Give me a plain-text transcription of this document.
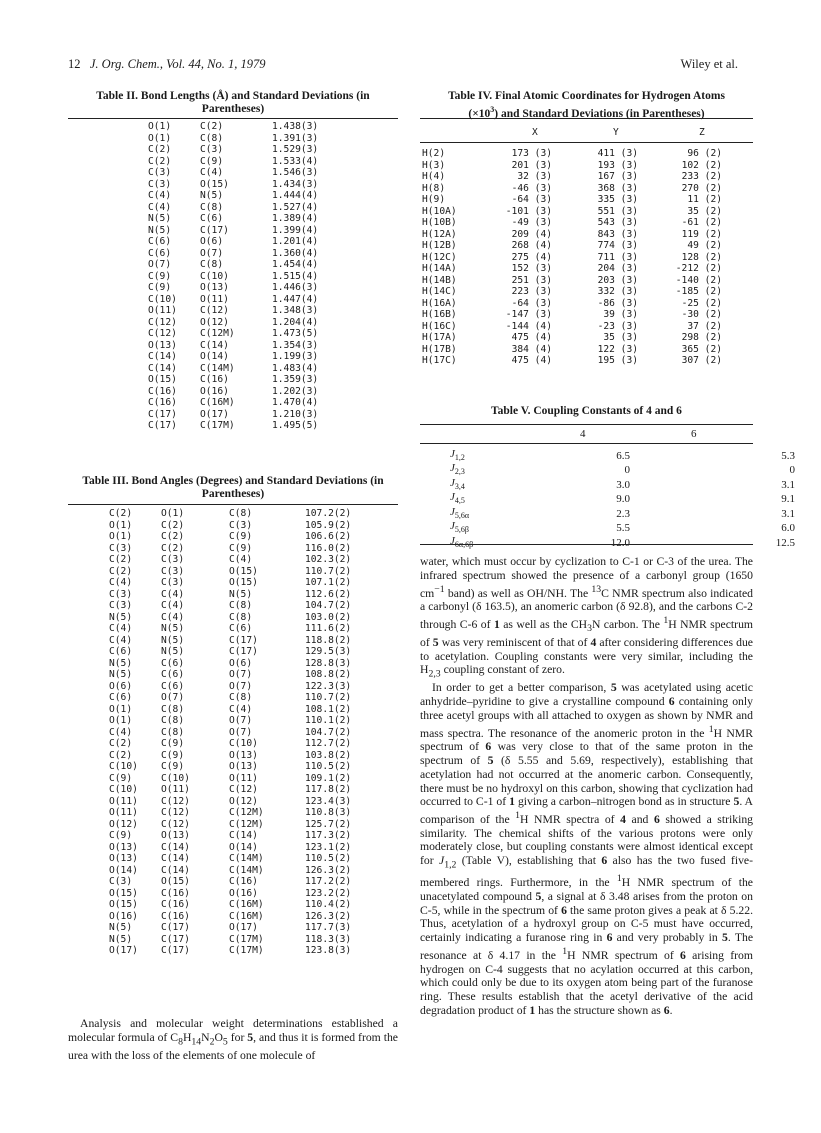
12 J. Org. Chem., Vol. 44, No. 1, 1979	Wiley et al.
Table II. Bond Lengths (Å) and Standard Deviations (in Parentheses)
O(1)	C(2)	1.438(3)
O(1)	C(8)	1.391(3)
C(2)	C(3)	1.529(3)
C(2)	C(9)	1.533(4)
C(3)	C(4)	1.546(3)
C(3)	O(15)	1.434(3)
C(4)	N(5)	1.444(4)
C(4)	C(8)	1.527(4)
N(5)	C(6)	1.389(4)
N(5)	C(17)	1.399(4)
C(6)	O(6)	1.201(4)
C(6)	O(7)	1.360(4)
O(7)	C(8)	1.454(4)
C(9)	C(10)	1.515(4)
C(9)	O(13)	1.446(3)
C(10)	O(11)	1.447(4)
O(11)	C(12)	1.348(3)
C(12)	O(12)	1.204(4)
C(12)	C(12M)	1.473(5)
O(13)	C(14)	1.354(3)
C(14)	O(14)	1.199(3)
C(14)	C(14M)	1.483(4)
O(15)	C(16)	1.359(3)
C(16)	O(16)	1.202(3)
C(16)	C(16M)	1.470(4)
C(17)	O(17)	1.210(3)
C(17)	C(17M)	1.495(5)
Table III. Bond Angles (Degrees) and Standard Deviations (in Parentheses)
C(2)	O(1)	C(8)	107.2(2)
O(1)	C(2)	C(3)	105.9(2)
O(1)	C(2)	C(9)	106.6(2)
C(3)	C(2)	C(9)	116.0(2)
C(2)	C(3)	C(4)	102.3(2)
C(2)	C(3)	O(15)	110.7(2)
C(4)	C(3)	O(15)	107.1(2)
C(3)	C(4)	N(5)	112.6(2)
C(3)	C(4)	C(8)	104.7(2)
N(5)	C(4)	C(8)	103.0(2)
C(4)	N(5)	C(6)	111.6(2)
C(4)	N(5)	C(17)	118.8(2)
C(6)	N(5)	C(17)	129.5(3)
N(5)	C(6)	O(6)	128.8(3)
N(5)	C(6)	O(7)	108.8(2)
O(6)	C(6)	O(7)	122.3(3)
C(6)	O(7)	C(8)	110.7(2)
O(1)	C(8)	C(4)	108.1(2)
O(1)	C(8)	O(7)	110.1(2)
C(4)	C(8)	O(7)	104.7(2)
C(2)	C(9)	C(10)	112.7(2)
C(2)	C(9)	O(13)	103.8(2)
C(10)	C(9)	O(13)	110.5(2)
C(9)	C(10)	O(11)	109.1(2)
C(10)	O(11)	C(12)	117.8(2)
O(11)	C(12)	O(12)	123.4(3)
O(11)	C(12)	C(12M)	110.8(3)
O(12)	C(12)	C(12M)	125.7(2)
C(9)	O(13)	C(14)	117.3(2)
O(13)	C(14)	O(14)	123.1(2)
O(13)	C(14)	C(14M)	110.5(2)
O(14)	C(14)	C(14M)	126.3(2)
C(3)	O(15)	C(16)	117.2(2)
O(15)	C(16)	O(16)	123.2(2)
O(15)	C(16)	C(16M)	110.4(2)
O(16)	C(16)	C(16M)	126.3(2)
N(5)	C(17)	O(17)	117.7(3)
N(5)	C(17)	C(17M)	118.3(3)
O(17)	C(17)	C(17M)	123.8(3)

Analysis and molecular weight determinations established a molecular formula of $C_8H_{14}N_2O_5$ for 5, and thus it is formed from the urea with the loss of the elements of one molecule of

Table IV. Final Atomic Coordinates for Hydrogen Atoms
$(\times 10^3)$ and Standard Deviations (in Parentheses)
X	Y	Z
H(2)	173 (3)	411 (3)	96 (2)
H(3)	201 (3)	193 (3)	102 (2)
H(4)	32 (3)	167 (3)	233 (2)
H(8)	-46 (3)	368 (3)	270 (2)
H(9)	-64 (3)	335 (3)	11 (2)
H(10A)	-101 (3)	551 (3)	35 (2)
H(10B)	-49 (3)	543 (3)	-61 (2)
H(12A)	209 (4)	843 (3)	119 (2)
H(12B)	268 (4)	774 (3)	49 (2)
H(12C)	275 (4)	711 (3)	128 (2)
H(14A)	152 (3)	204 (3)	-212 (2)
H(14B)	251 (3)	203 (3)	-140 (2)
H(14C)	223 (3)	332 (3)	-185 (2)
H(16A)	-64 (3)	-86 (3)	-25 (2)
H(16B)	-147 (3)	39 (3)	-30 (2)
H(16C)	-144 (4)	-23 (3)	37 (2)
H(17A)	475 (4)	35 (3)	298 (2)
H(17B)	384 (4)	122 (3)	365 (2)
H(17C)	475 (4)	195 (3)	307 (2)
Table V. Coupling Constants of 4 and 6
4	6
$J_{1,2}$	6.5	5.3
$J_{2,3}$	0	0
$J_{3,4}$	3.0	3.1
$J_{4,5}$	9.0	9.1
$J_{5,6\alpha}$	2.3	3.1
$J_{5,6\beta}$	5.5	6.0
$J_{6\alpha,6\beta}$	12.0	12.5

water, which must occur by cyclization to C-1 or C-3 of the urea. The infrared spectrum showed the presence of a carbonyl group (1650 $cm^{-1}$ band) as well as OH/NH. The $^{13}$C NMR spectrum also indicated a carbonyl (δ 163.5), an anomeric carbon (δ 92.8), and the carbons C-2 through C-6 of 1 as well as the $CH_3N$ carbon. The $^1$H NMR spectrum of 5 was very reminiscent of that of 4 after considering differences due to acetylation. Coupling constants were very similar, including the $H_{2,3}$ coupling constant of zero.

In order to get a better comparison, 5 was acetylated using acetic anhydride–pyridine to give a crystalline compound 6 containing only three acetyl groups with all attached to oxygen as shown by NMR and mass spectra. The resonance of the anomeric proton in the $^1$H NMR spectrum of 6 was very close to that of the same proton in the spectrum of 5 (δ 5.55 and 5.69, respectively), establishing that acetylation had not occurred at the anomeric carbon. Consequently, there must be no hydroxyl on this carbon, showing that cyclization had occurred to C-1 of 1 giving a carbon–nitrogen bond as in structure 5. A comparison of the $^1$H NMR spectra of 4 and 6 showed a striking similarity. The chemical shifts of the various protons were only moderately close, but coupling constants were almost identical except for $J_{1,2}$ (Table V), establishing that 6 also has the two fused five-membered rings. Furthermore, in the $^1$H NMR spectrum of the unacetylated compound 5, a signal at δ 3.48 arises from the proton on C-5, while in the spectrum of 6 the same proton gives a peak at δ 5.22. Thus, acetylation of a hydroxyl group on C-5 must have occurred, certainly indicating a furanose ring in 6 and very probably in 5. The resonance at δ 4.17 in the $^1$H NMR spectrum of 6 arising from hydrogen on C-4 suggests that no acylation occurred at this carbon, which could only be due to its oxygen atom being part of the furanose ring. These results establish that the acetyl derivative of the acid degradation product of 1 has the structure shown as 6.
